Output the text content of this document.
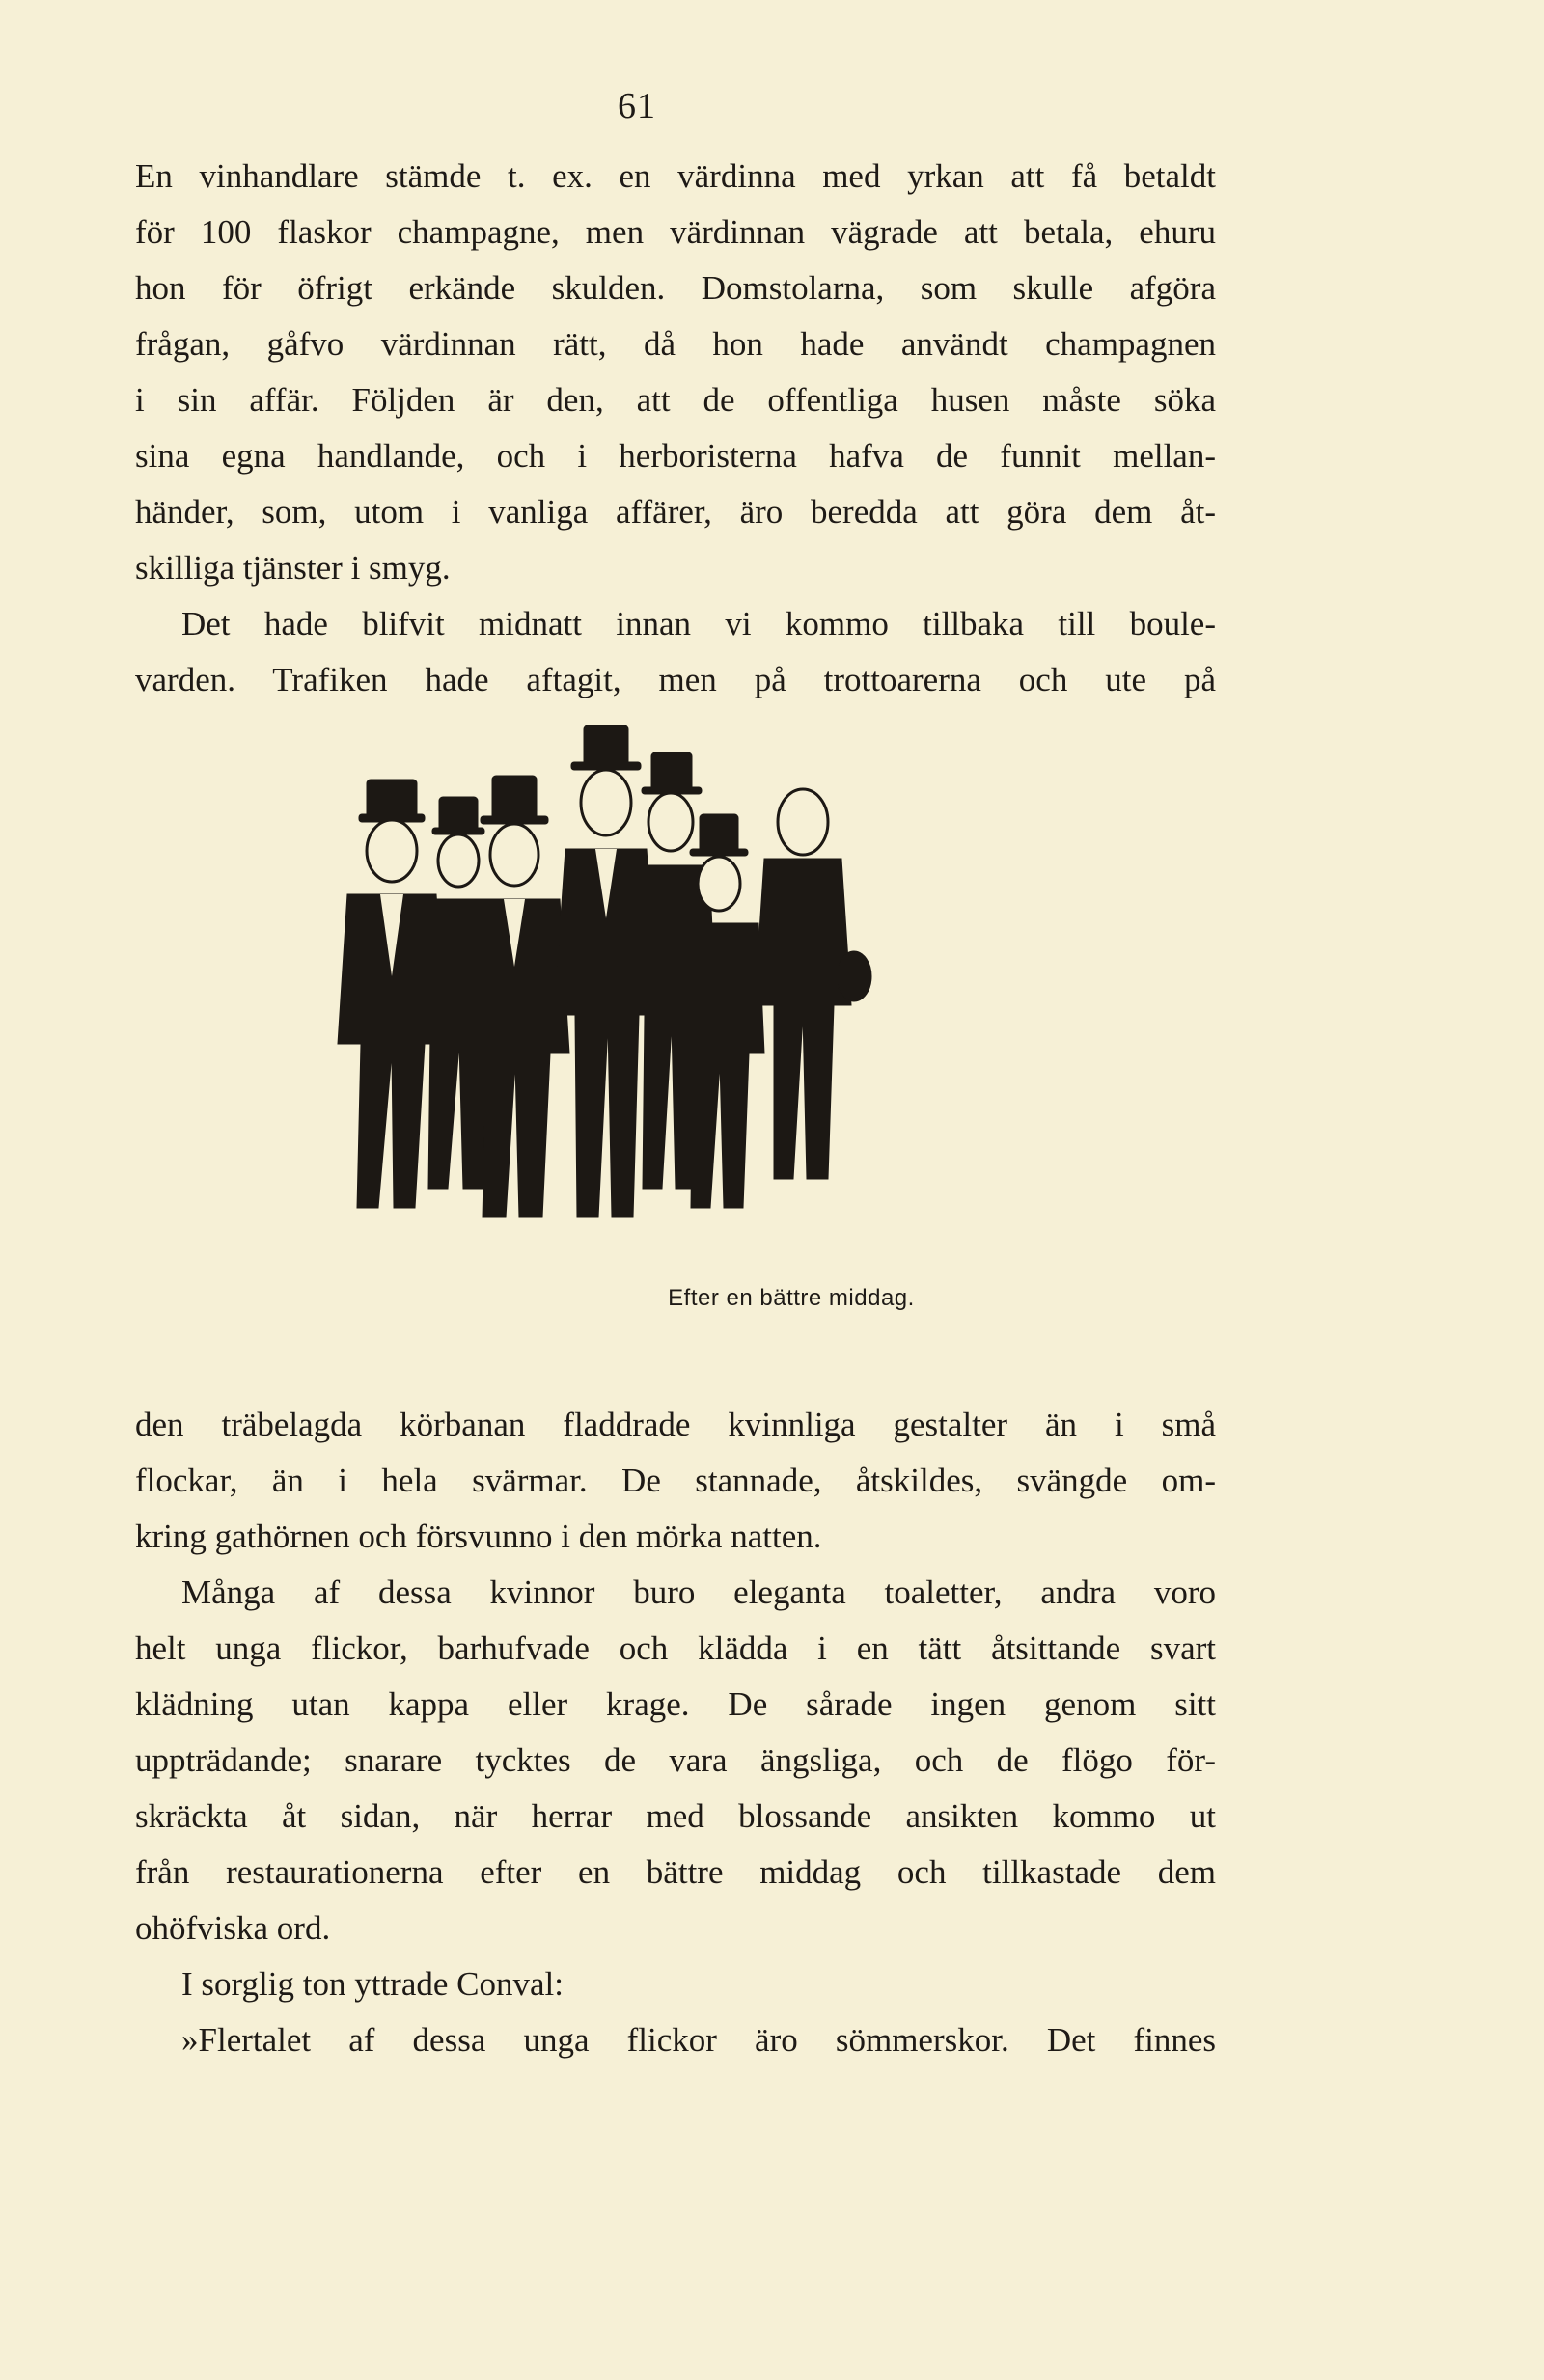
61
En vinhandlare stämde t. ex. en värdinna med yrkan att få betaldt
för 100 flaskor champagne, men värdinnan vägrade att betala, ehuru
hon för öfrigt erkände skulden. Domstolarna, som skulle afgöra
frågan, gåfvo värdinnan rätt, då hon hade användt champagnen
i sin affär. Följden är den, att de offentliga husen måste söka
sina egna handlande, och i herboristerna hafva de funnit mellan-
händer, som, utom i vanliga affärer, äro beredda att göra dem åt-
skilliga tjänster i smyg.
Det hade blifvit midnatt innan vi kommo tillbaka till boule-
varden. Trafiken hade aftagit, men på trottoarerna och ute på
Efter en bättre middag.
den träbelagda körbanan fladdrade kvinnliga gestalter än i små
flockar, än i hela svärmar. De stannade, åtskildes, svängde om-
kring gathörnen och försvunno i den mörka natten.
Många af dessa kvinnor buro eleganta toaletter, andra voro
helt unga flickor, barhufvade och klädda i en tätt åtsittande svart
klädning utan kappa eller krage. De sårade ingen genom sitt
uppträdande; snarare tycktes de vara ängsliga, och de flögo för-
skräckta åt sidan, när herrar med blossande ansikten kommo ut
från restaurationerna efter en bättre middag och tillkastade dem
ohöfviska ord.
I sorglig ton yttrade Conval:
»Flertalet af dessa unga flickor äro sömmerskor. Det finnes
